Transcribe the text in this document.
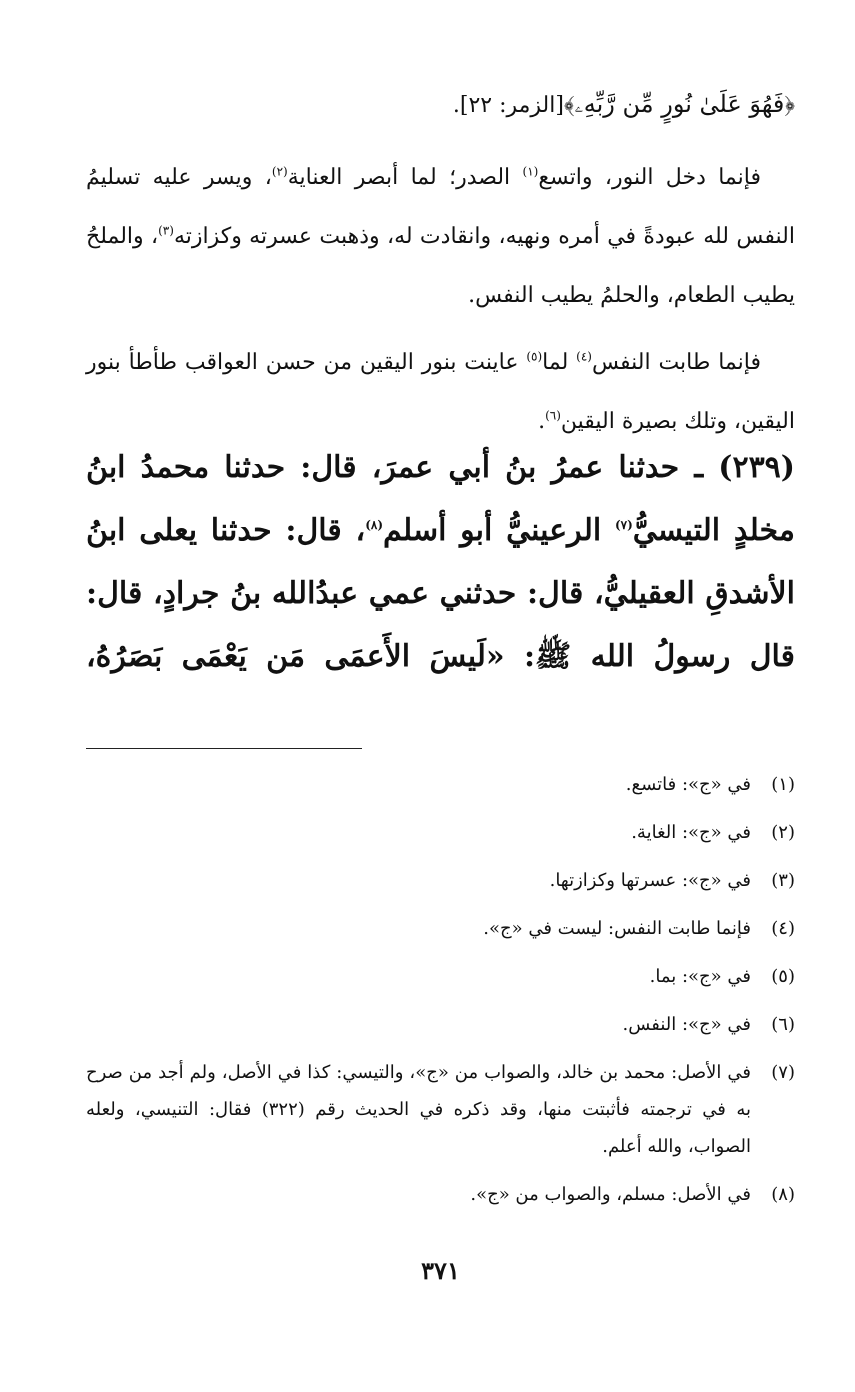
﴿فَهُوَ عَلَىٰ نُورٍ مِّن رَّبِّهِۦ﴾[الزمر: ٢٢].

فإنما دخل النور، واتسع$^{(١)}$ الصدر؛ لما أبصر العناية$^{(٢)}$، ويسر عليه تسليمُ النفس لله عبودةً في أمره ونهيه، وانقادت له، وذهبت عسرته وكزازته$^{(٣)}$، والملحُ يطيب الطعام، والحلمُ يطيب النفس.

فإنما طابت النفس$^{(٤)}$ لما$^{(٥)}$ عاينت بنور اليقين من حسن العواقب طأطأ بنور اليقين، وتلك بصيرة اليقين$^{(٦)}$.

(٢٣٩) ـ حدثنا عمرُ بنُ أبي عمرَ، قال: حدثنا محمدُ ابنُ مخلدٍ التيسيُّ$^{(٧)}$ الرعينيُّ أبو أسلم$^{(٨)}$، قال: حدثنا يعلى ابنُ الأشدقِ العقيليُّ، قال: حدثني عمي عبدُالله بنُ جرادٍ، قال: قال رسولُ الله ﷺ: «لَيسَ الأَعمَى مَن يَعْمَى بَصَرُهُ،

(١)
في «ج»: فاتسع.
(٢)
في «ج»: الغاية.
(٣)
في «ج»: عسرتها وكزازتها.
(٤)
فإنما طابت النفس: ليست في «ج».
(٥)
في «ج»: بما.
(٦)
في «ج»: النفس.
(٧)
في الأصل: محمد بن خالد، والصواب من «ج»، والتيسي: كذا في الأصل، ولم أجد من صرح به في ترجمته فأثبتت منها، وقد ذكره في الحديث رقم (٣٢٢) فقال: التنيسي، ولعله الصواب، والله أعلم.
(٨)
في الأصل: مسلم، والصواب من «ج».
٣٧١
